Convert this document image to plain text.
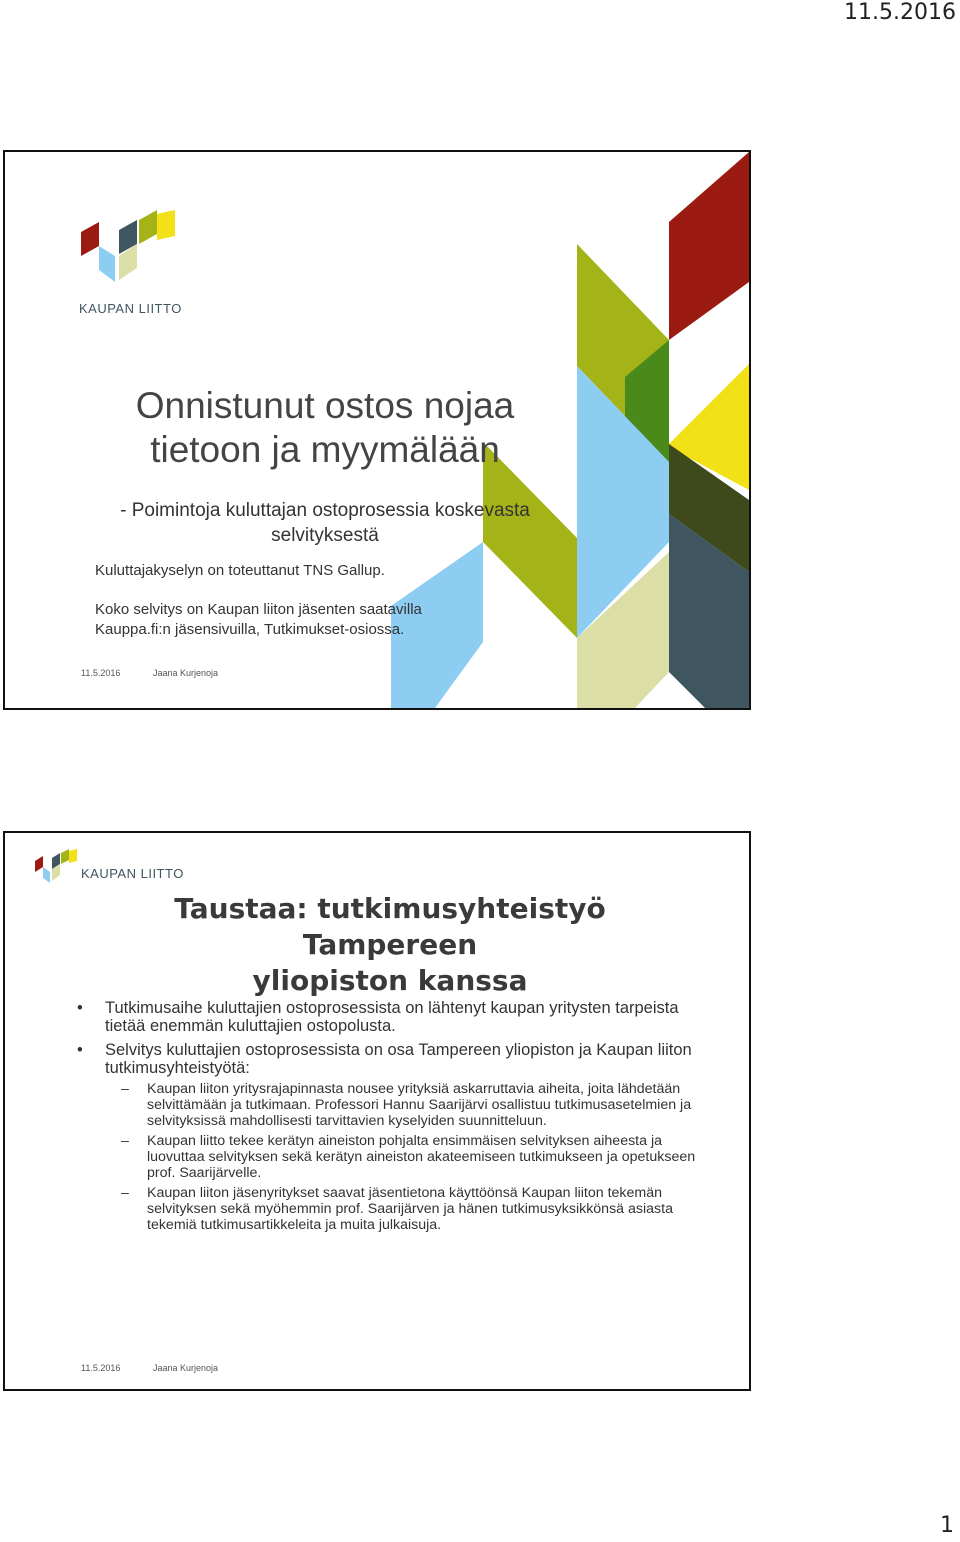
11.5.2016
KAUPAN LIITTO
Onnistunut ostos nojaa
tietoon ja myymälään
- Poimintoja kuluttajan ostoprosessia koskevasta
selvityksestä
Kuluttajakyselyn on toteuttanut TNS Gallup.
Koko selvitys on Kaupan liiton jäsenten saatavilla
Kauppa.fi:n jäsensivuilla, Tutkimukset-osiossa.
11.5.2016	Jaana Kurjenoja
KAUPAN LIITTO
Taustaa: tutkimusyhteistyö Tampereen
yliopiston kanssa
• Tutkimusaihe kuluttajien ostoprosessista on lähtenyt kaupan yritysten tarpeista tietää enemmän kuluttajien ostopolusta.
• Selvitys kuluttajien ostoprosessista on osa Tampereen yliopiston ja Kaupan liiton tutkimusyhteistyötä:
– Kaupan liiton yritysrajapinnasta nousee yrityksiä askarruttavia aiheita, joita lähdetään selvittämään ja tutkimaan. Professori Hannu Saarijärvi osallistuu tutkimusasetelmien ja selvityksissä mahdollisesti tarvittavien kyselyiden suunnitteluun.
– Kaupan liitto tekee kerätyn aineiston pohjalta ensimmäisen selvityksen aiheesta ja luovuttaa selvityksen sekä kerätyn aineiston akateemiseen tutkimukseen ja opetukseen prof. Saarijärvelle.
– Kaupan liiton jäsenyritykset saavat jäsentietona käyttöönsä Kaupan liiton tekemän selvityksen sekä myöhemmin prof. Saarijärven ja hänen tutkimusyksikkönsä asiasta tekemiä tutkimusartikkeleita ja muita julkaisuja.
11.5.2016	Jaana Kurjenoja
1
